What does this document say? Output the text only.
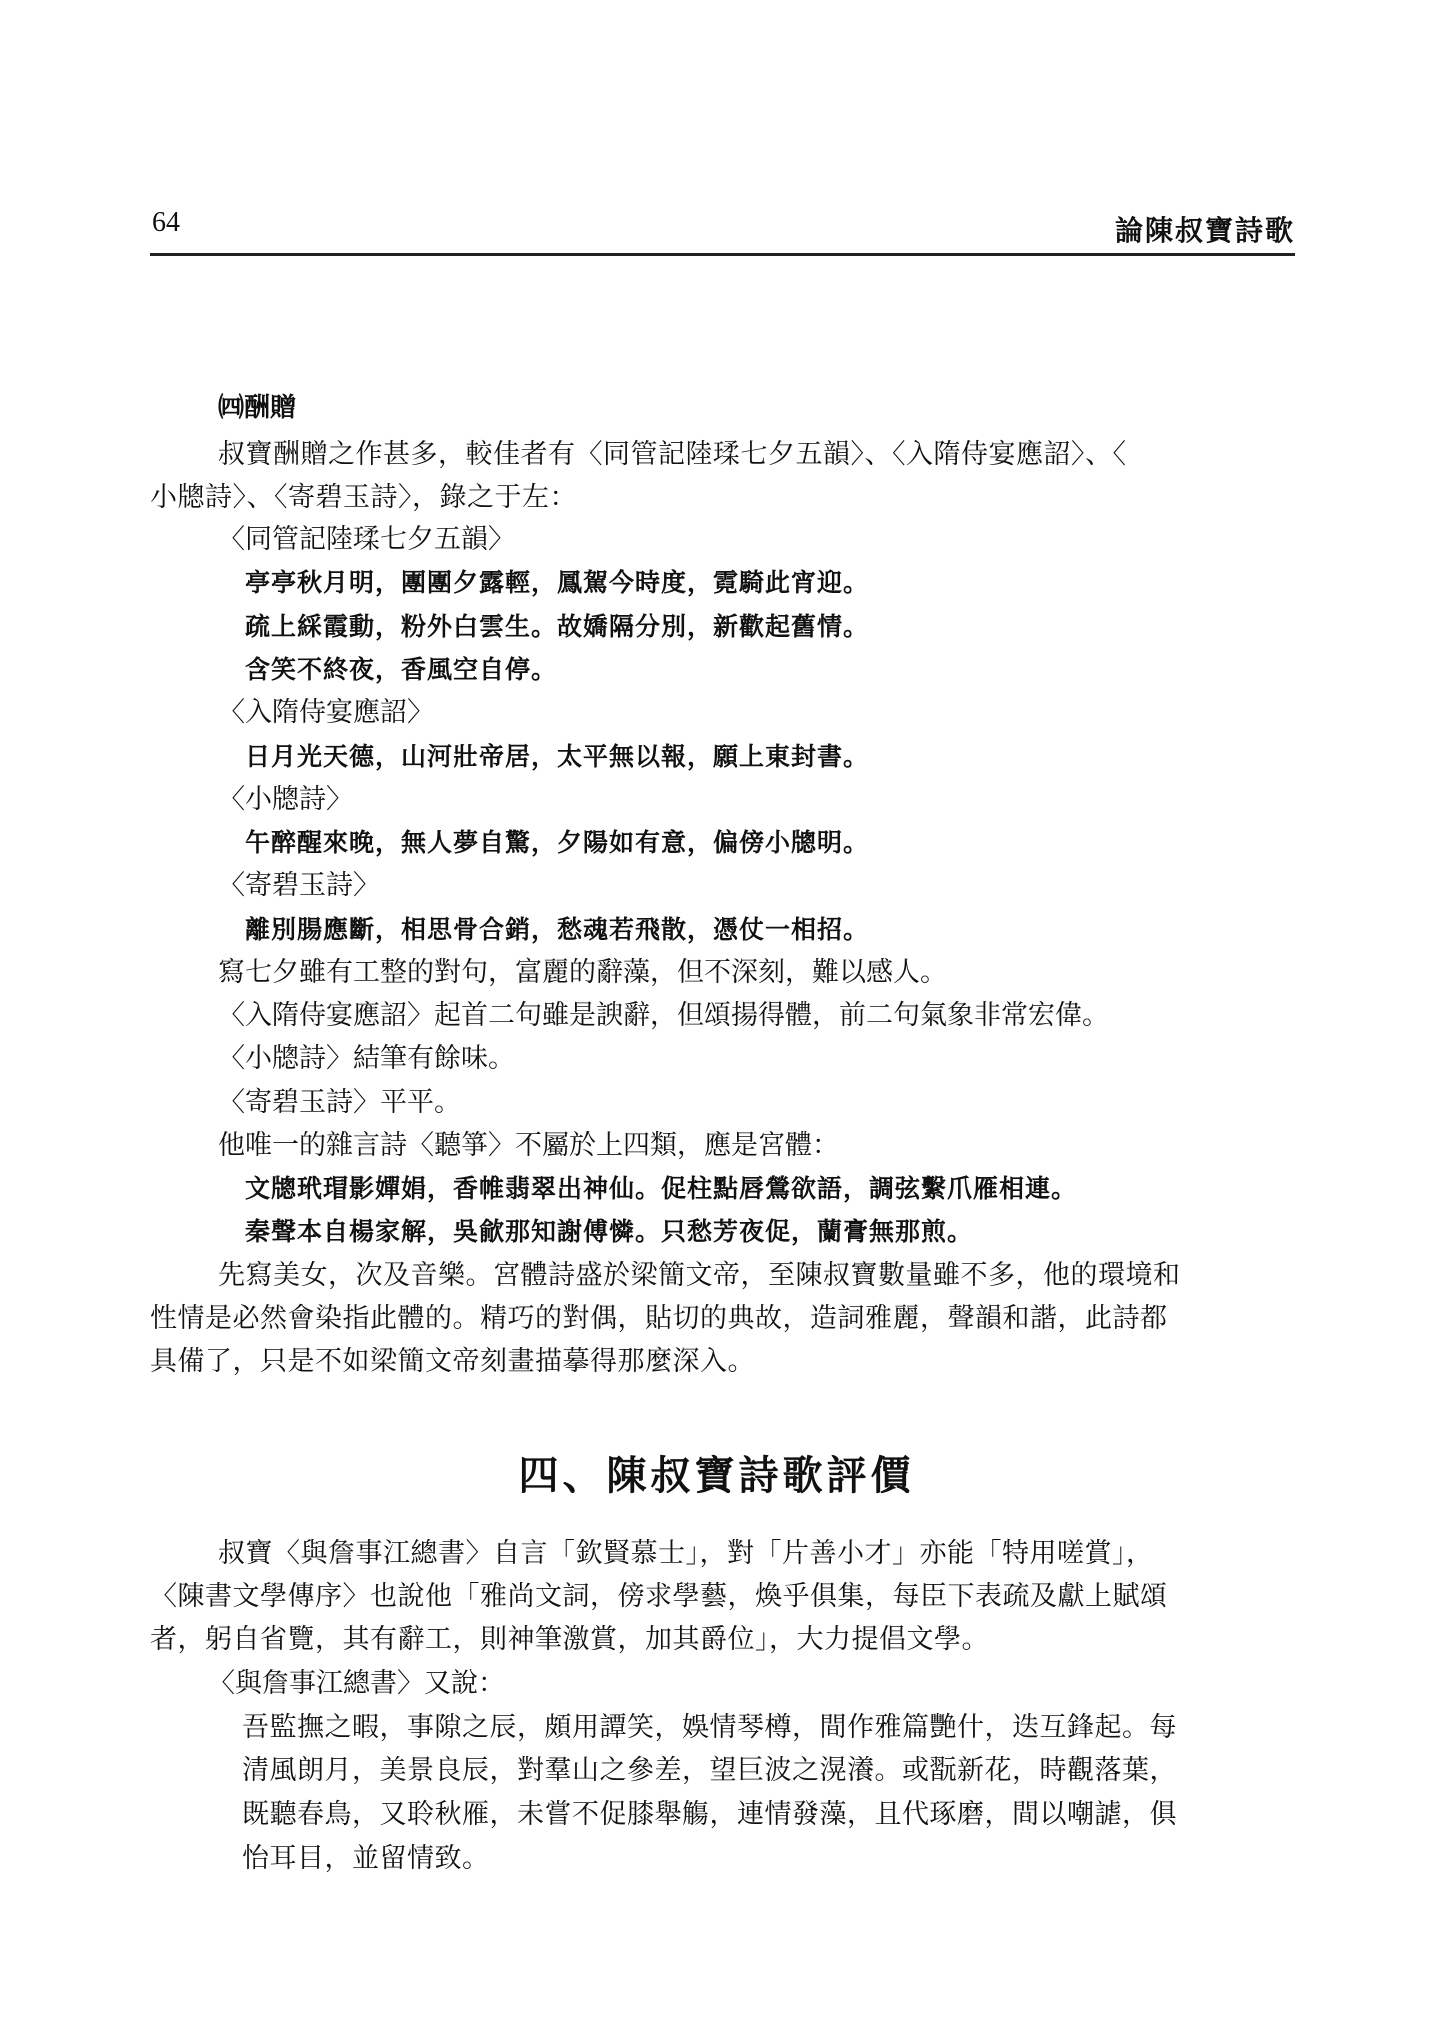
64	論陳叔寶詩歌
㈣酬贈
叔寶酬贈之作甚多，較佳者有〈同管記陸瑈七夕五韻〉、〈入隋侍宴應詔〉、〈
小牕詩〉、〈寄碧玉詩〉，錄之于左：
〈同管記陸瑈七夕五韻〉
亭亭秋月明，團團夕露輕，鳳駕今時度，霓騎此宵迎。
疏上綵霞動，粉外白雲生。故嬌隔分別，新歡起舊情。
含笑不終夜，香風空自停。
〈入隋侍宴應詔〉
日月光天德，山河壯帝居，太平無以報，願上東封書。
〈小牕詩〉
午醉醒來晚，無人夢自驚，夕陽如有意，偏傍小牕明。
〈寄碧玉詩〉
離別腸應斷，相思骨合銷，愁魂若飛散，憑仗一相招。
寫七夕雖有工整的對句，富麗的辭藻，但不深刻，難以感人。
〈入隋侍宴應詔〉起首二句雖是諛辭，但頌揚得體，前二句氣象非常宏偉。
〈小牕詩〉結筆有餘味。
〈寄碧玉詩〉平平。
他唯一的雜言詩〈聽箏〉不屬於上四類，應是宮體：
文牕玳瑁影嬋娟，香帷翡翠出神仙。促柱點唇鶯欲語，調弦繫爪雁相連。
秦聲本自楊家解，吳歈那知謝傅憐。只愁芳夜促，蘭膏無那煎。
先寫美女，次及音樂。宮體詩盛於梁簡文帝，至陳叔寶數量雖不多，他的環境和
性情是必然會染指此體的。精巧的對偶，貼切的典故，造詞雅麗，聲韻和諧，此詩都
具備了，只是不如梁簡文帝刻畫描摹得那麼深入。
四、陳叔寶詩歌評價
叔寶〈與詹事江總書〉自言「欽賢慕士」，對「片善小才」亦能「特用嗟賞」，
〈陳書文學傳序〉也說他「雅尚文詞，傍求學藝，煥乎俱集，每臣下表疏及獻上賦頌
者，躬自省覽，其有辭工，則神筆激賞，加其爵位」，大力提倡文學。
〈與詹事江總書〉又說：
吾監撫之暇，事隙之辰，頗用譚笑，娛情琴樽，間作雅篇艷什，迭互鋒起。每
清風朗月，美景良辰，對羣山之參差，望巨波之滉瀁。或翫新花，時觀落葉，
既聽春鳥，又聆秋雁，未嘗不促膝舉觴，連情發藻，且代琢磨，間以嘲謔，俱
怡耳目，並留情致。
